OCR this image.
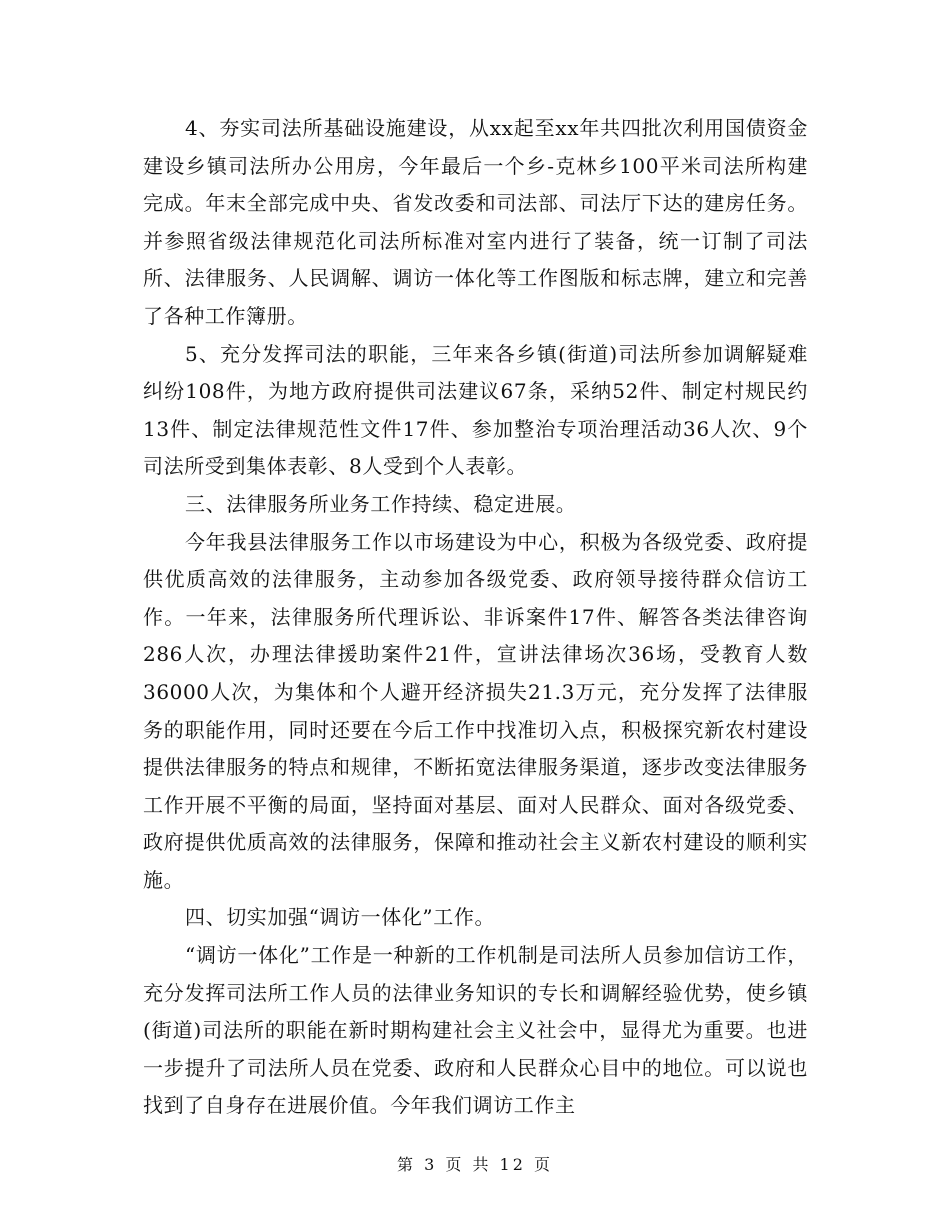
4、夯实司法所基础设施建设，从xx起至xx年共四批次利用国债资金建设乡镇司法所办公用房，今年最后一个乡-克林乡100平米司法所构建完成。年末全部完成中央、省发改委和司法部、司法厅下达的建房任务。并参照省级法律规范化司法所标准对室内进行了装备，统一订制了司法所、法律服务、人民调解、调访一体化等工作图版和标志牌，建立和完善了各种工作簿册。

5、充分发挥司法的职能，三年来各乡镇(街道)司法所参加调解疑难纠纷108件，为地方政府提供司法建议67条，采纳52件、制定村规民约13件、制定法律规范性文件17件、参加整治专项治理活动36人次、9个司法所受到集体表彰、8人受到个人表彰。

三、法律服务所业务工作持续、稳定进展。

今年我县法律服务工作以市场建设为中心，积极为各级党委、政府提供优质高效的法律服务，主动参加各级党委、政府领导接待群众信访工作。一年来，法律服务所代理诉讼、非诉案件17件、解答各类法律咨询286人次，办理法律援助案件21件，宣讲法律场次36场，受教育人数36000人次，为集体和个人避开经济损失21.3万元，充分发挥了法律服务的职能作用，同时还要在今后工作中找准切入点，积极探究新农村建设提供法律服务的特点和规律，不断拓宽法律服务渠道，逐步改变法律服务工作开展不平衡的局面，坚持面对基层、面对人民群众、面对各级党委、政府提供优质高效的法律服务，保障和推动社会主义新农村建设的顺利实施。

四、切实加强“调访一体化”工作。

“调访一体化”工作是一种新的工作机制是司法所人员参加信访工作，充分发挥司法所工作人员的法律业务知识的专长和调解经验优势，使乡镇(街道)司法所的职能在新时期构建社会主义社会中，显得尤为重要。也进一步提升了司法所人员在党委、政府和人民群众心目中的地位。可以说也找到了自身存在进展价值。今年我们调访工作主

第 3 页 共 12 页
